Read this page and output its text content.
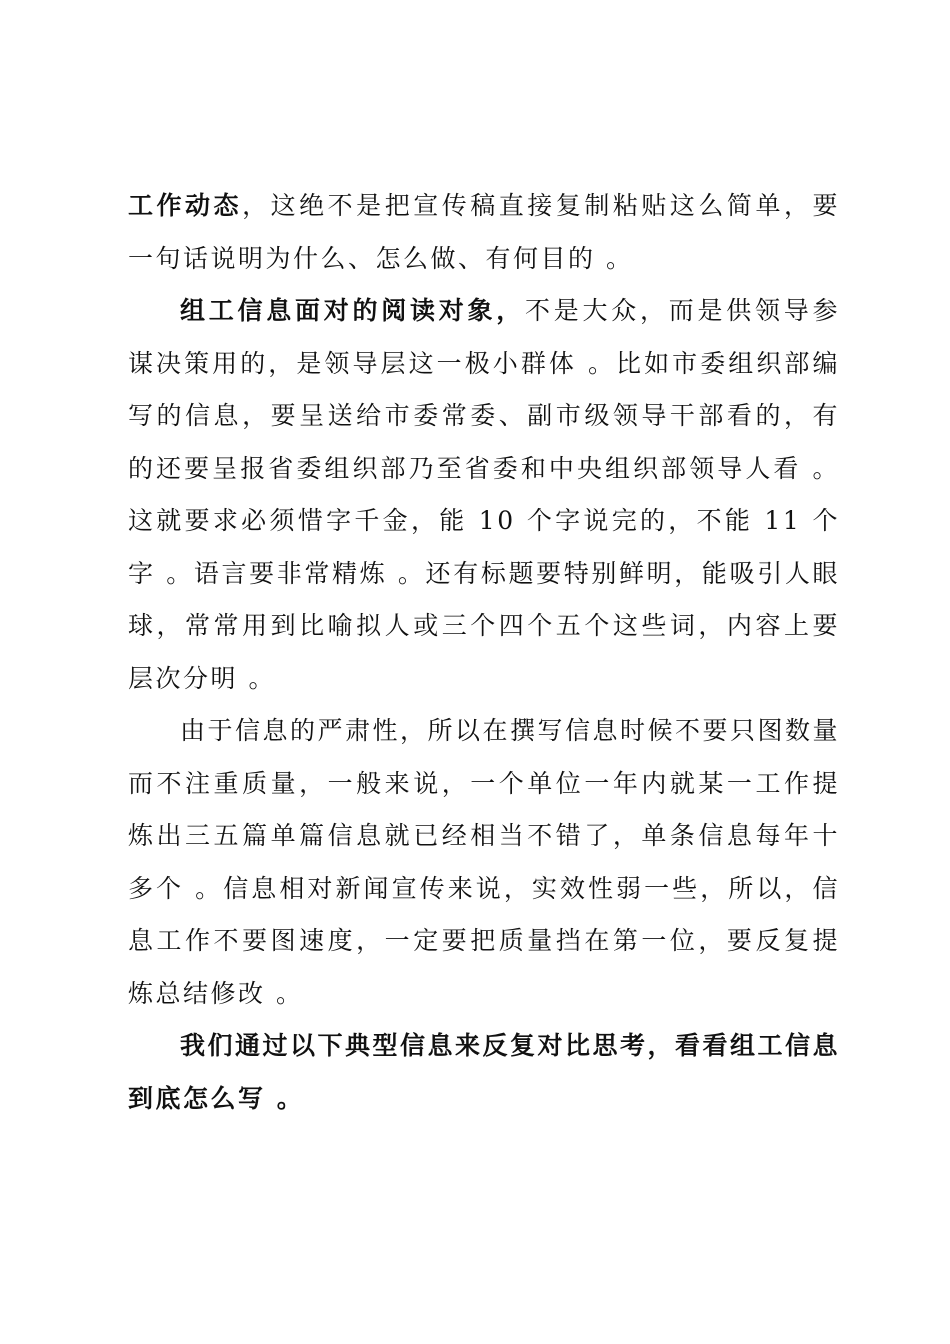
工作动态，这绝不是把宣传稿直接复制粘贴这么简单，要一句话说明为什么、怎么做、有何目的 。

组工信息面对的阅读对象，不是大众，而是供领导参谋决策用的，是领导层这一极小群体 。比如市委组织部编写的信息，要呈送给市委常委、副市级领导干部看的，有的还要呈报省委组织部乃至省委和中央组织部领导人看 。这就要求必须惜字千金，能 10 个字说完的，不能 11 个字 。语言要非常精炼 。还有标题要特别鲜明，能吸引人眼球，常常用到比喻拟人或三个四个五个这些词，内容上要层次分明 。

由于信息的严肃性，所以在撰写信息时候不要只图数量而不注重质量，一般来说，一个单位一年内就某一工作提炼出三五篇单篇信息就已经相当不错了，单条信息每年十多个 。信息相对新闻宣传来说，实效性弱一些，所以，信息工作不要图速度，一定要把质量挡在第一位，要反复提炼总结修改 。

我们通过以下典型信息来反复对比思考，看看组工信息到底怎么写 。
